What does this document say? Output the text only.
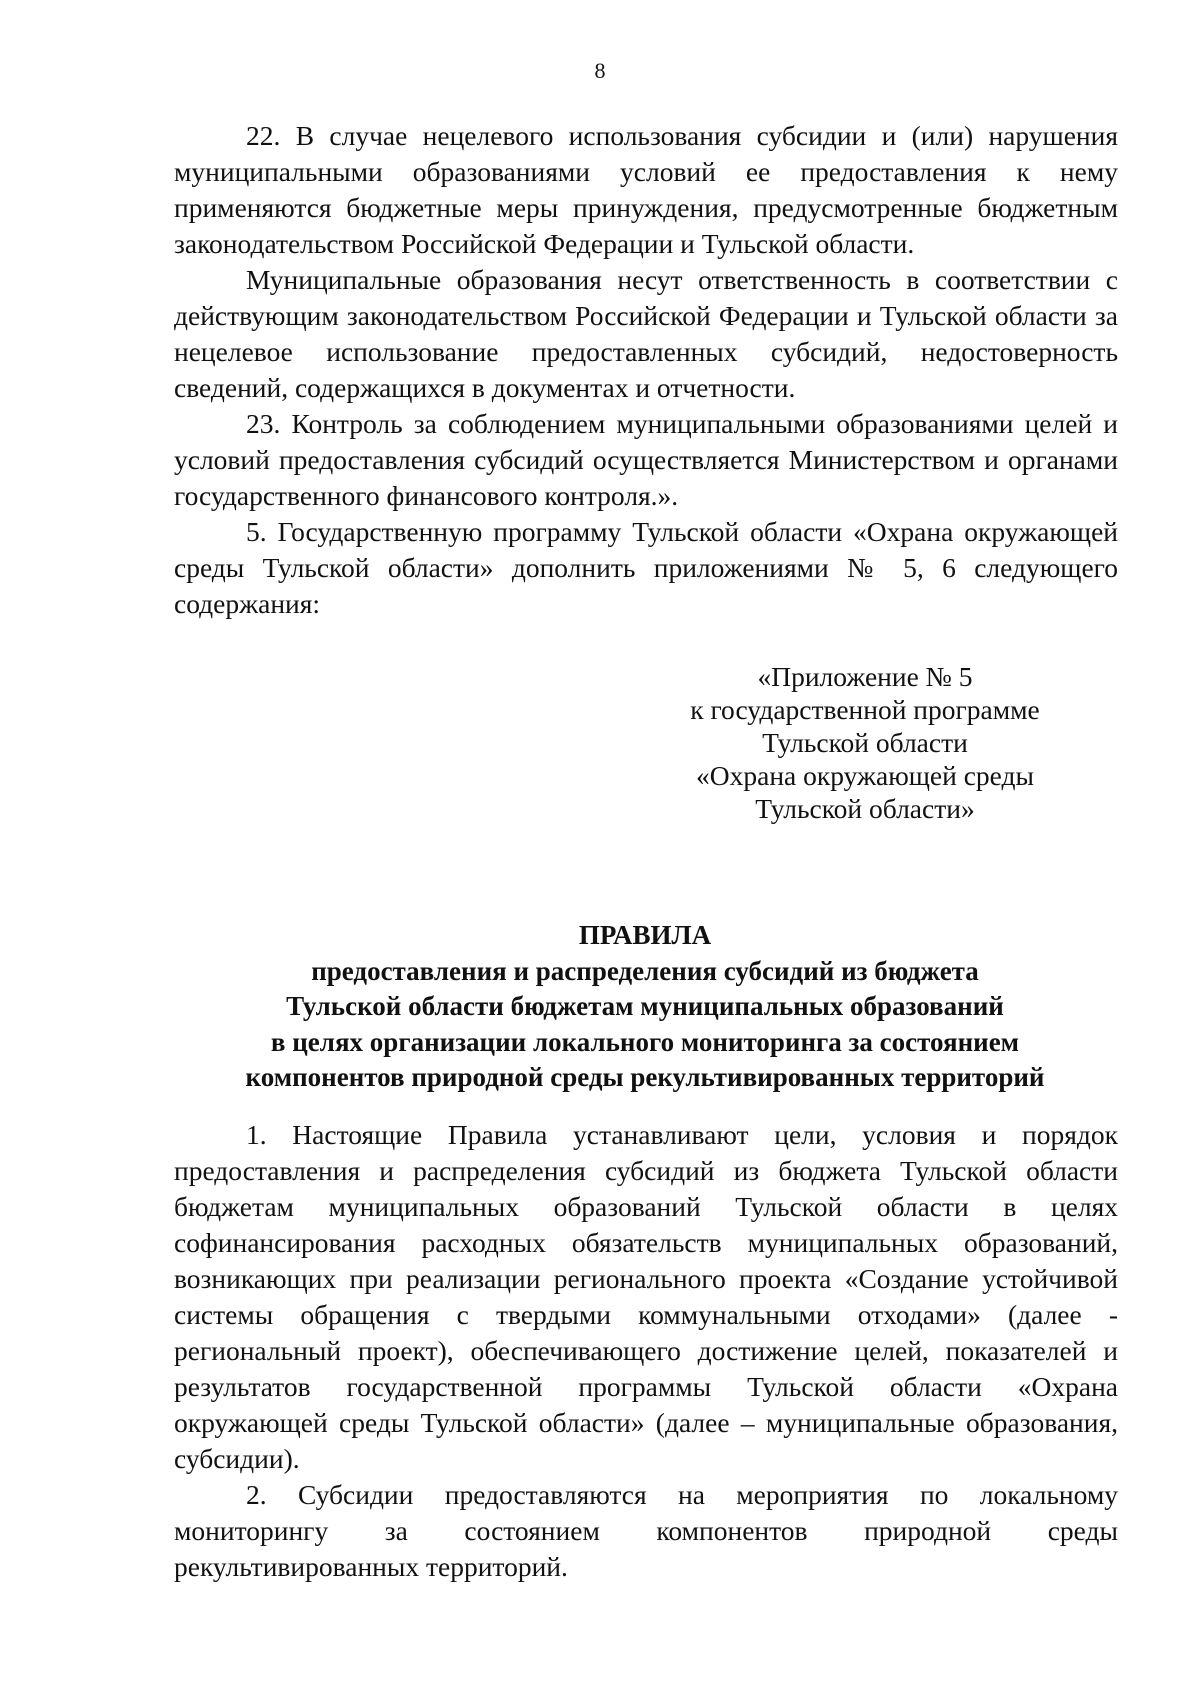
8

22. В случае нецелевого использования субсидии и (или) нарушения муниципальными образованиями условий ее предоставления к нему применяются бюджетные меры принуждения, предусмотренные бюджетным законодательством Российской Федерации и Тульской области.

Муниципальные образования несут ответственность в соответствии с действующим законодательством Российской Федерации и Тульской области за нецелевое использование предоставленных субсидий, недостоверность сведений, содержащихся в документах и отчетности.

23. Контроль за соблюдением муниципальными образованиями целей и условий предоставления субсидий осуществляется Министерством и органами государственного финансового контроля.».

5. Государственную программу Тульской области «Охрана окружающей среды Тульской области» дополнить приложениями № 5, 6 следующего содержания:

«Приложение № 5
к государственной программе
Тульской области
«Охрана окружающей среды
Тульской области»
ПРАВИЛА
предоставления и распределения субсидий из бюджета
Тульской области бюджетам муниципальных образований
в целях организации локального мониторинга за состоянием
компонентов природной среды рекультивированных территорий

1. Настоящие Правила устанавливают цели, условия и порядок предоставления и распределения субсидий из бюджета Тульской области бюджетам муниципальных образований Тульской области в целях софинансирования расходных обязательств муниципальных образований, возникающих при реализации регионального проекта «Создание устойчивой системы обращения с твердыми коммунальными отходами» (далее - региональный проект), обеспечивающего достижение целей, показателей и результатов государственной программы Тульской области «Охрана окружающей среды Тульской области» (далее – муниципальные образования, субсидии).

2. Субсидии предоставляются на мероприятия по локальному мониторингу за состоянием компонентов природной среды рекультивированных территорий.
